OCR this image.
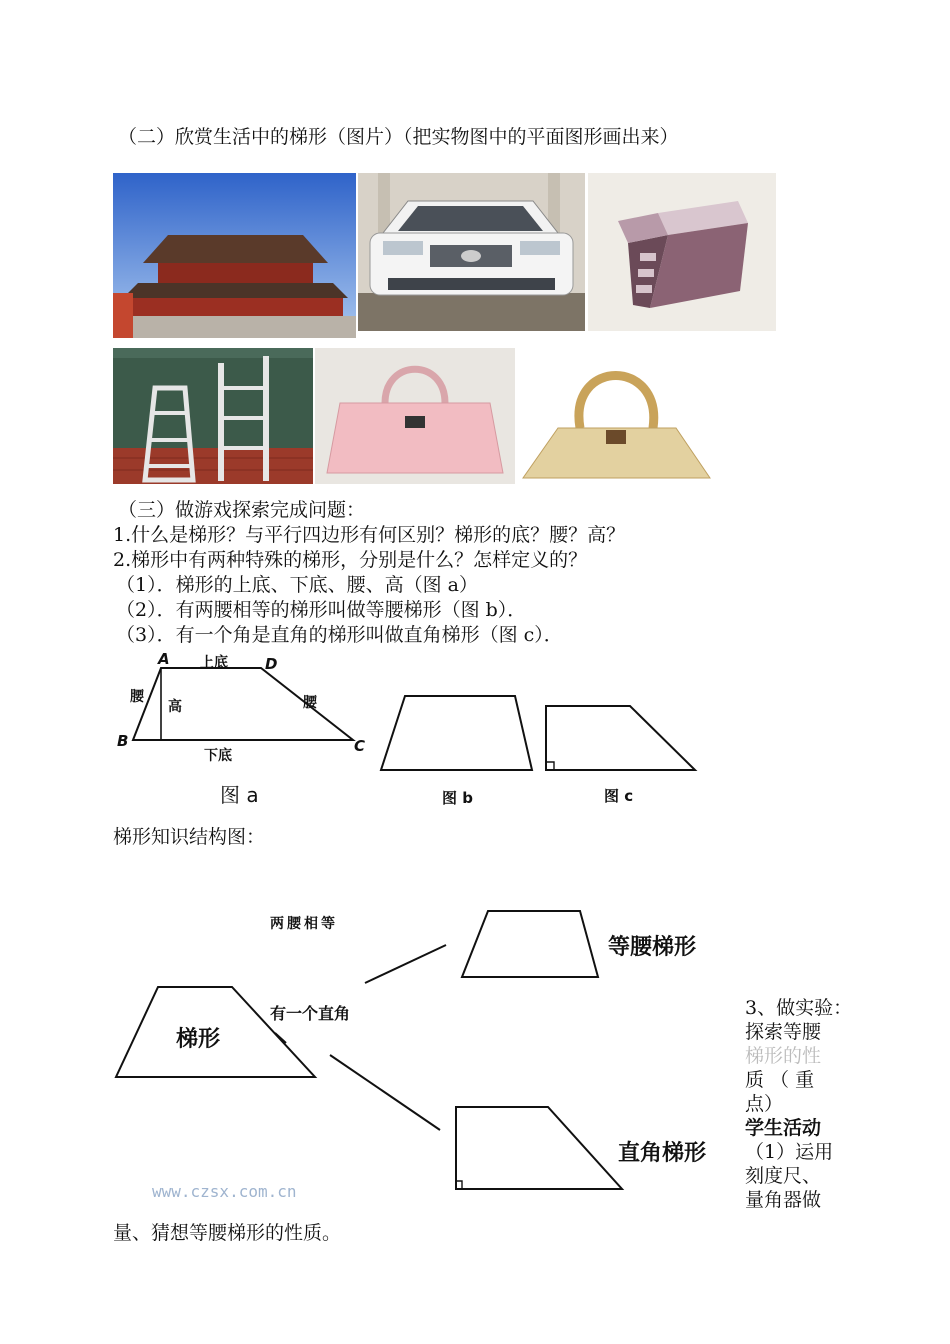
（二）欣赏生活中的梯形（图片）（把实物图中的平面图形画出来）
（三）做游戏探索完成问题：
1.什么是梯形？与平行四边形有何区别？梯形的底？腰？高？
2.梯形中有两种特殊的梯形，分别是什么？怎样定义的？
（1）．梯形的上底、下底、腰、高（图 a）
（2）．有两腰相等的梯形叫做等腰梯形（图 b）．
（3）．有一个角是直角的梯形叫做直角梯形（图 c）．
A	D
B	C
上底
腰
高	腰
下底
图 a	图 b	图 c
梯形知识结构图：
两腰相等
等腰梯形
有一个直角
梯形
直角梯形
www.czsx.com.cn
3、做实验：
探索等腰
梯形的性
质 （ 重
点）
学生活动
（1）运用
刻度尺、
量角器做
量、猜想等腰梯形的性质。
